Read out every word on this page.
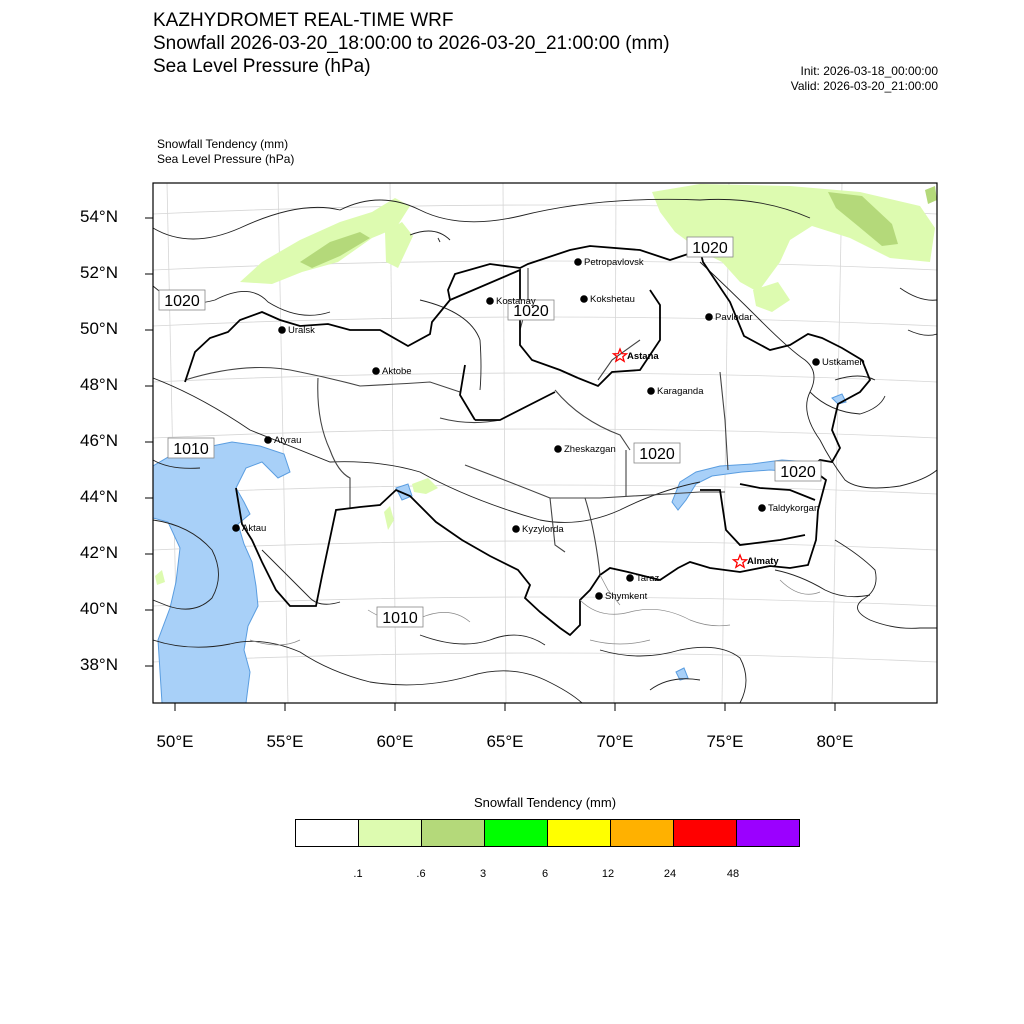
KAZHYDROMET REAL-TIME WRF
Snowfall 2026-03-20_18:00:00 to 2026-03-20_21:00:00 (mm)
Sea Level Pressure (hPa)	Init: 2026-03-18_00:00:00
Valid: 2026-03-20_21:00:00
Snowfall Tendency (mm)
Sea Level Pressure (hPa)
1020
1020
1020
1010	1020
1020
1010
Petropavlovsk
Kostanay	Kokshetau
Uralsk
Pavlodar
Astana
Aktobe
Ustkamen
Karaganda
Atyrau
Zheskazgan
Taldykorgan
Aktau	Kyzylorda
Almaty
Taraz
Shymkent
54°N
52°N
50°N
48°N
46°N
44°N
42°N
40°N
38°N
50°E	55°E	60°E	65°E	70°E	75°E	80°E
Snowfall Tendency (mm)
.1	.6	3	6	12	24	48
